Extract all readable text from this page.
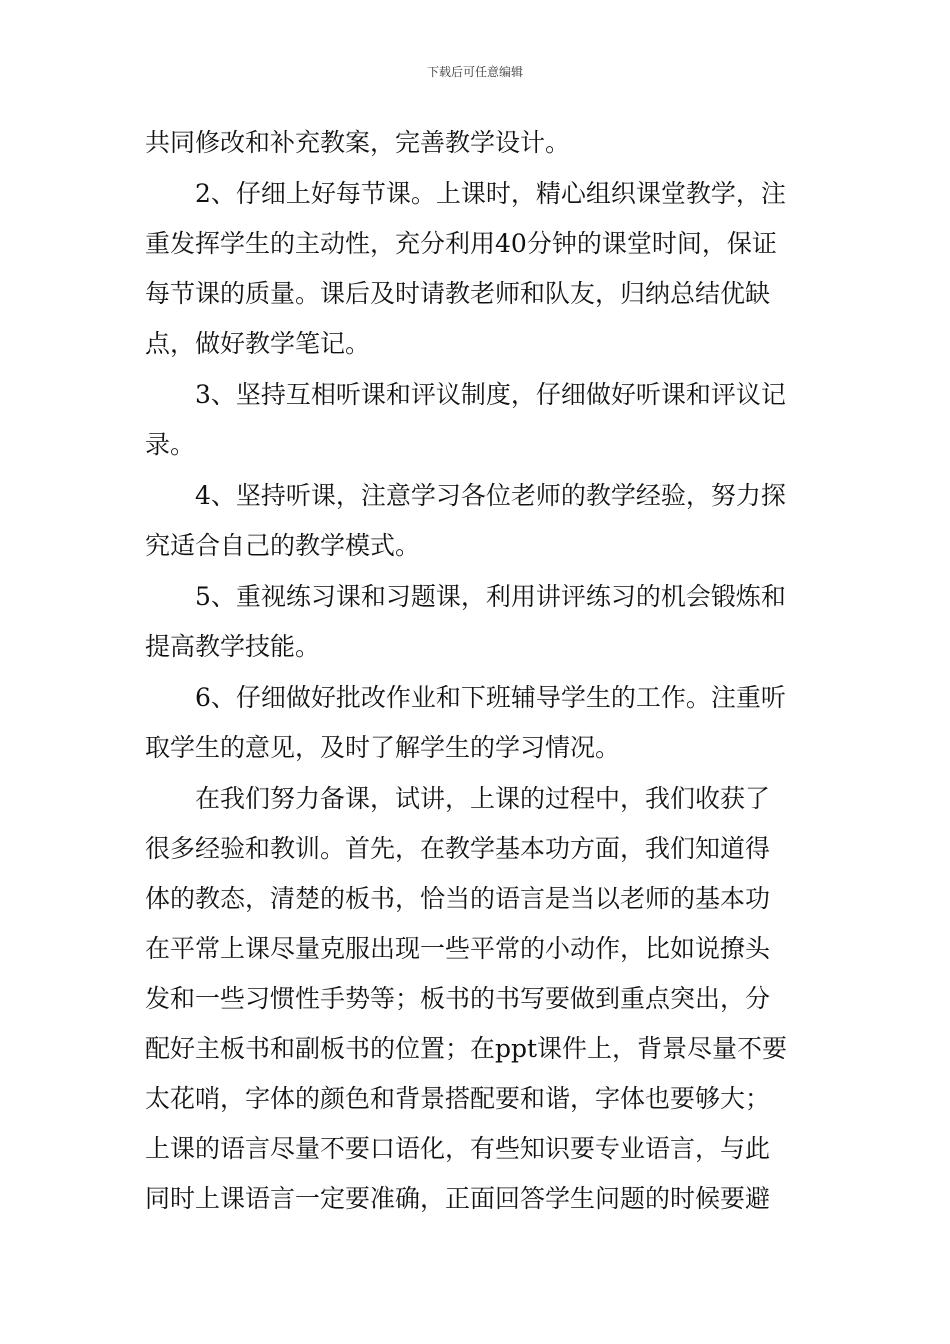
下载后可任意编辑
共同修改和补充教案，完善教学设计。
2、仔细上好每节课。上课时，精心组织课堂教学，注
重发挥学生的主动性，充分利用40分钟的课堂时间，保证
每节课的质量。课后及时请教老师和队友，归纳总结优缺
点，做好教学笔记。
3、坚持互相听课和评议制度，仔细做好听课和评议记
录。
4、坚持听课，注意学习各位老师的教学经验，努力探
究适合自己的教学模式。
5、重视练习课和习题课，利用讲评练习的机会锻炼和
提高教学技能。
6、仔细做好批改作业和下班辅导学生的工作。注重听
取学生的意见，及时了解学生的学习情况。
在我们努力备课，试讲，上课的过程中，我们收获了
很多经验和教训。首先，在教学基本功方面，我们知道得
体的教态，清楚的板书，恰当的语言是当以老师的基本功
在平常上课尽量克服出现一些平常的小动作，比如说撩头
发和一些习惯性手势等；板书的书写要做到重点突出，分
配好主板书和副板书的位置；在ppt课件上，背景尽量不要
太花哨，字体的颜色和背景搭配要和谐，字体也要够大；
上课的语言尽量不要口语化，有些知识要专业语言，与此
同时上课语言一定要准确，正面回答学生问题的时候要避
